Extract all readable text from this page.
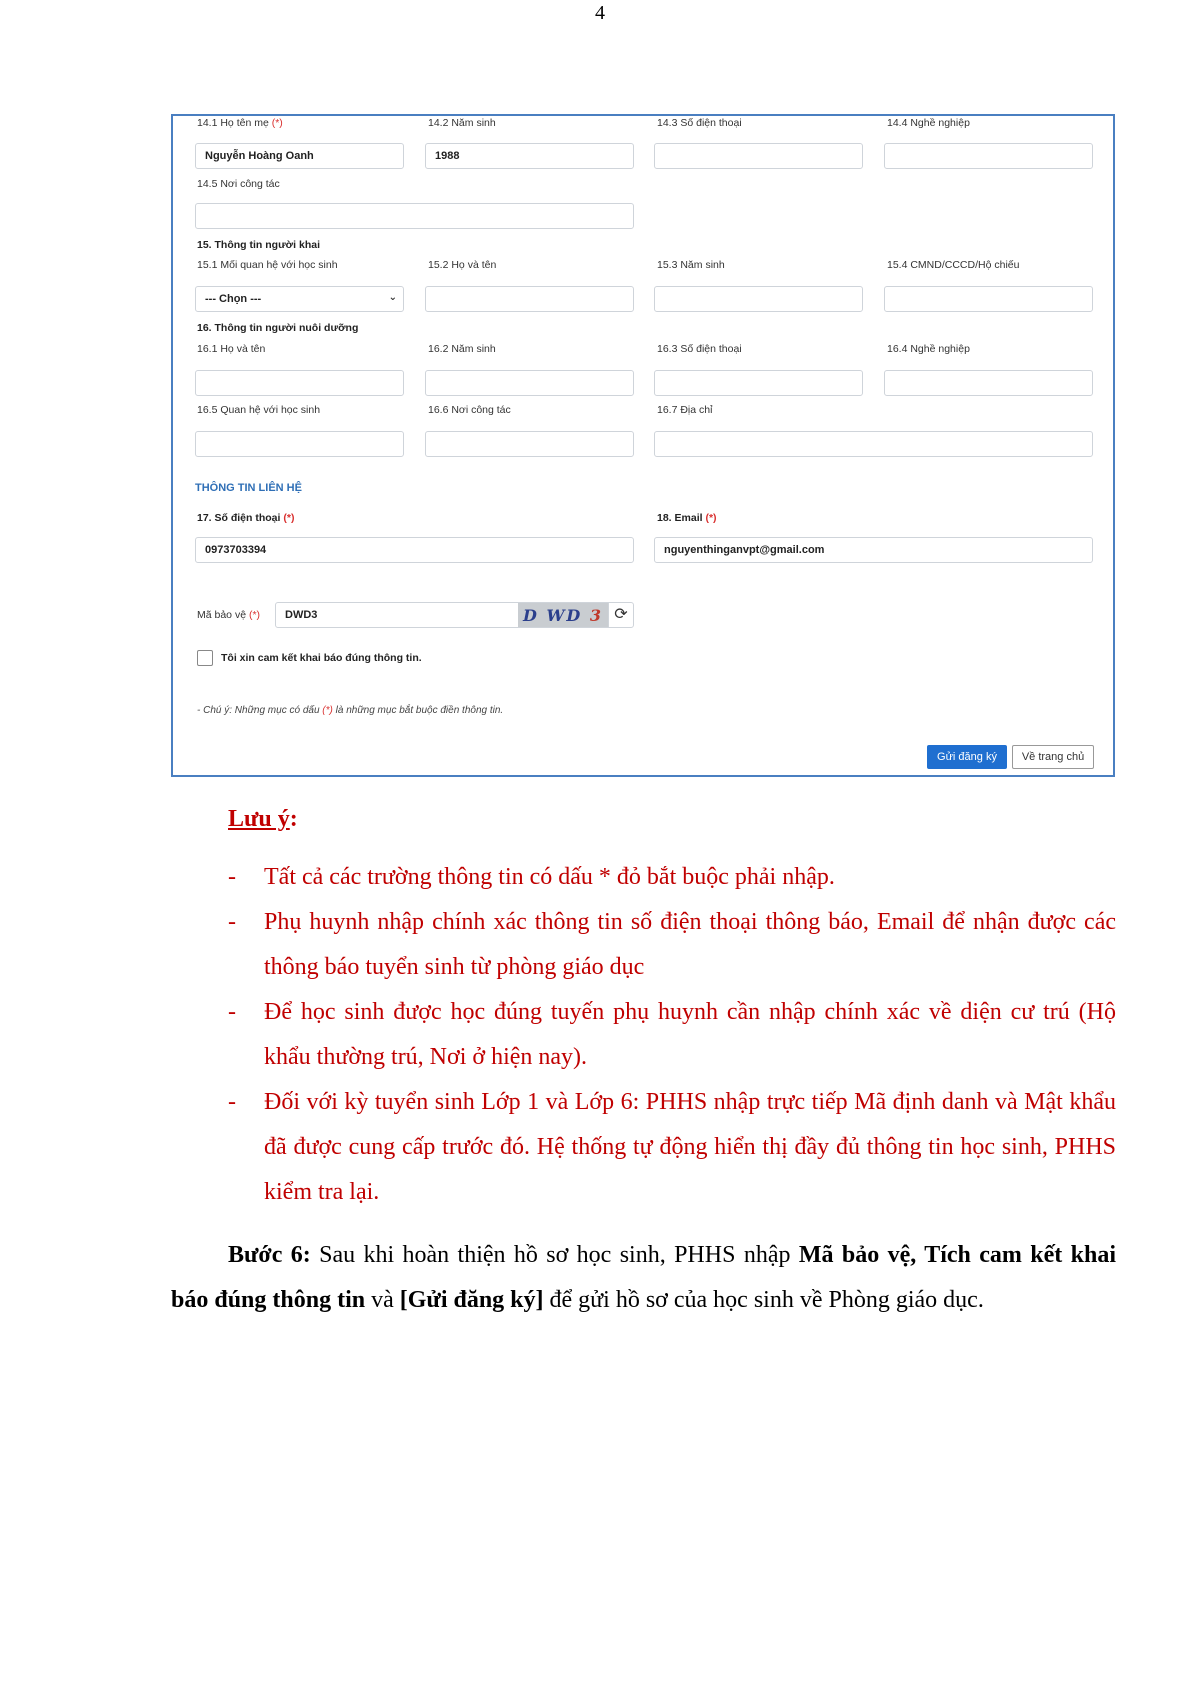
4
14.1 Họ tên mẹ (*)	14.2 Năm sinh	14.3 Số điện thoại	14.4 Nghề nghiệp
Nguyễn Hoàng Oanh	1988
14.5 Nơi công tác
15. Thông tin người khai
15.1 Mối quan hệ với học sinh	15.2 Họ và tên	15.3 Năm sinh	15.4 CMND/CCCD/Hộ chiếu
--- Chọn ---	⌄
16. Thông tin người nuôi dưỡng
16.1 Họ và tên	16.2 Năm sinh	16.3 Số điện thoại	16.4 Nghề nghiệp
16.5 Quan hệ với học sinh	16.6 Nơi công tác	16.7 Địa chỉ
THÔNG TIN LIÊN HỆ
17. Số điện thoại (*)	18. Email (*)
0973703394	nguyenthinganvpt@gmail.com
Mã bảo vệ (*)	DWD3	D WD 3 ⟳
Tôi xin cam kết khai báo đúng thông tin.
- Chú ý: Những mục có dấu (*) là những mục bắt buộc điền thông tin.
Gửi đăng ký	Về trang chủ
Lưu ý:
- Tất cả các trường thông tin có dấu * đỏ bắt buộc phải nhập.
- Phụ huynh nhập chính xác thông tin số điện thoại thông báo, Email để nhận được các thông báo tuyển sinh từ phòng giáo dục
- Để học sinh được học đúng tuyến phụ huynh cần nhập chính xác về diện cư trú (Hộ khẩu thường trú, Nơi ở hiện nay).
- Đối với kỳ tuyển sinh Lớp 1 và Lớp 6: PHHS nhập trực tiếp Mã định danh và Mật khẩu đã được cung cấp trước đó. Hệ thống tự động hiển thị đầy đủ thông tin học sinh, PHHS kiểm tra lại.
Bước 6: Sau khi hoàn thiện hồ sơ học sinh, PHHS nhập Mã bảo vệ, Tích cam kết khai báo đúng thông tin và [Gửi đăng ký] để gửi hồ sơ của học sinh về Phòng giáo dục.
